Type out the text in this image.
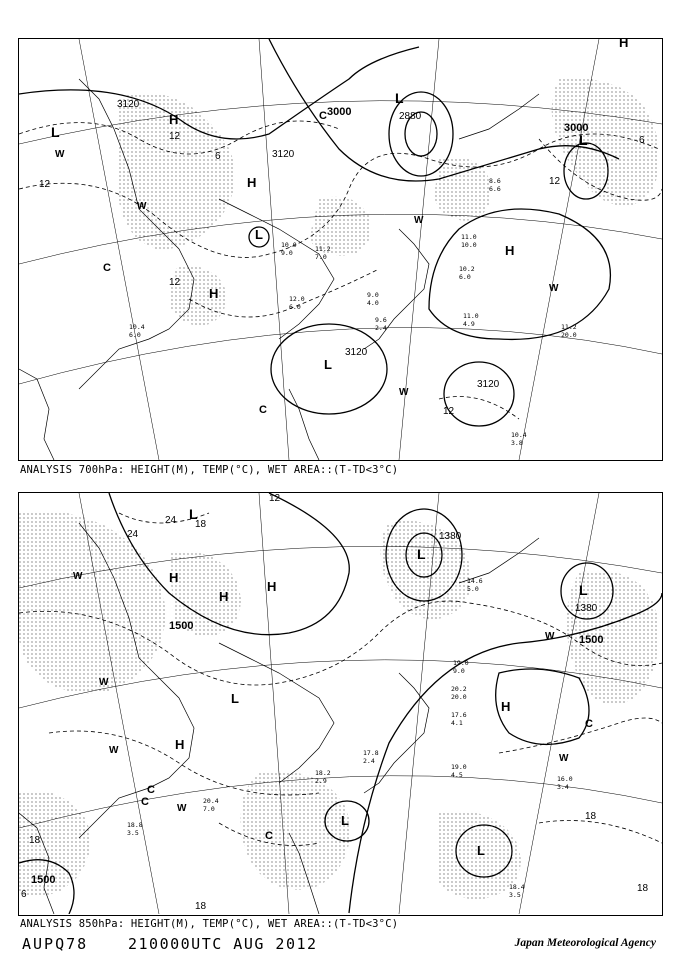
3120
3000	2880
3000
3120
3120
3120
12
12
12
6
6
12
12
L
L
L
H
H
H
H
H
L
L
C
C
C
W
W
W
W
W
8.6
6.6
11.0
10.0
10.2
6.0
10.4
6.0
11.2
20.0
11.0
4.9
10.4
3.8
9.0
4.0
9.6
2.4
11.2
7.0
10.0
9.0
12.0
6.0
ANALYSIS 700hPa: HEIGHT(M), TEMP(°C), WET AREA::(T-TD<3°C)
1500
1380
1380
1500
1500
12
18
18
18
18
18
24
24
6
L
L
L
L
L
L
H
H
H
H
H
C
C
C
C
W
W
W
W
W
W
14.6
5.0
19.0
9.0
20.2
20.0
17.6
4.1
19.0
4.5	16.0
3.4
18.4
3.5
20.4
7.0
18.2
2.9
17.8
2.4
18.8
3.5
ANALYSIS 850hPa: HEIGHT(M), TEMP(°C), WET AREA::(T-TD<3°C)
AUPQ78	210000UTC AUG 2012	Japan Meteorological Agency
